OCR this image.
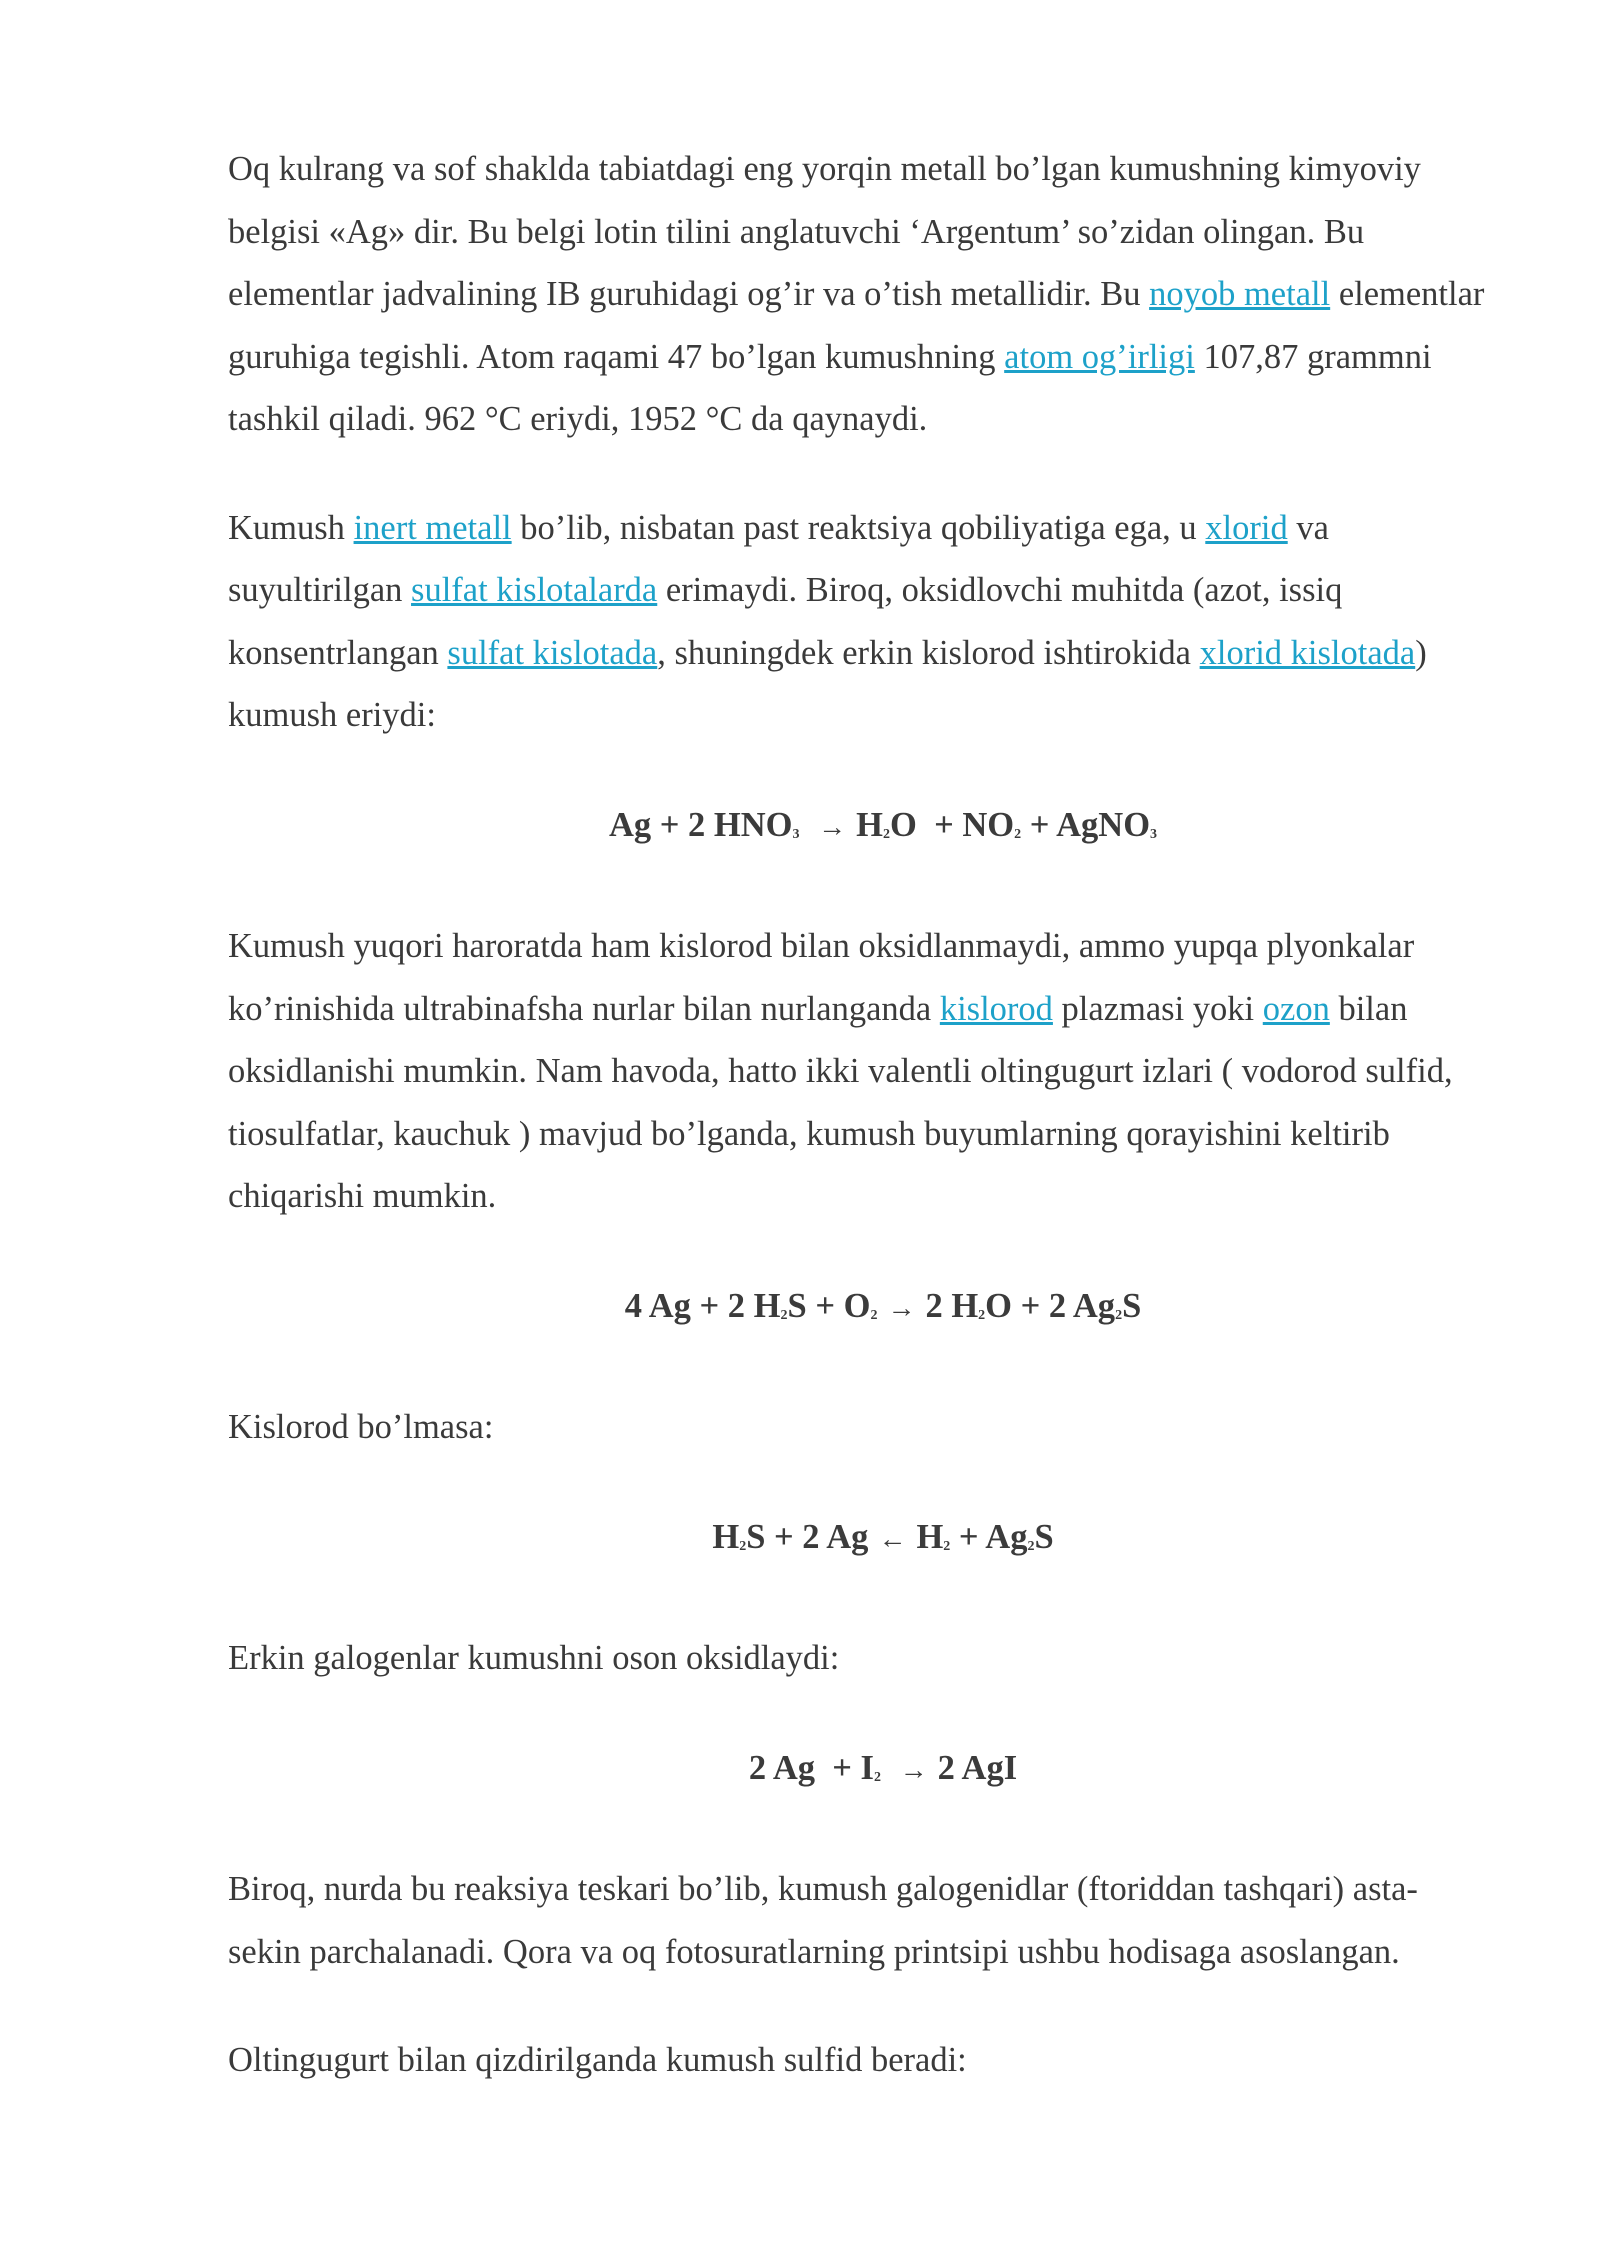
Oq kulrang va sof shaklda tabiatdagi eng yorqin metall bo’lgan kumushning kimyoviy belgisi «Ag» dir. Bu belgi lotin tilini anglatuvchi ‘Argentum’ so’zidan olingan. Bu elementlar jadvalining IB guruhidagi og’ir va o’tish metallidir. Bu noyob metall elementlar guruhiga tegishli. Atom raqami 47 bo’lgan kumushning atom og’irligi 107,87 grammni tashkil qiladi. 962 °C eriydi, 1952 °C da qaynaydi.

Kumush inert metall bo’lib, nisbatan past reaktsiya qobiliyatiga ega, u xlorid va suyultirilgan sulfat kislotalarda erimaydi. Biroq, oksidlovchi muhitda (azot, issiq konsentrlangan sulfat kislotada, shuningdek erkin kislorod ishtirokida xlorid kislotada) kumush eriydi:

Ag + 2 $HNO_3 \to H_2O + NO_2$ + AgNO$_3$

Kumush yuqori haroratda ham kislorod bilan oksidlanmaydi, ammo yupqa plyonkalar ko’rinishida ultrabinafsha nurlar bilan nurlanganda kislorod plazmasi yoki ozon bilan oksidlanishi mumkin. Nam havoda, hatto ikki valentli oltingugurt izlari ( vodorod sulfid, tiosulfatlar, kauchuk ) mavjud bo’lganda, kumush buyumlarning qorayishini keltirib chiqarishi mumkin.

4 Ag + 2 $H_2S + O_2 \to 2$ $H_2O + 2$ $Ag_2S$

Kislorod bo’lmasa:

$H_2S + 2$ Ag ← $H_2 + Ag_2S$

Erkin galogenlar kumushni oson oksidlaydi:

2 $Ag + I_2 \to 2$ AgI

Biroq, nurda bu reaksiya teskari bo’lib, kumush galogenidlar (ftoriddan tashqari) asta-sekin parchalanadi. Qora va oq fotosuratlarning printsipi ushbu hodisaga asoslangan.

Oltingugurt bilan qizdirilganda kumush sulfid beradi:
